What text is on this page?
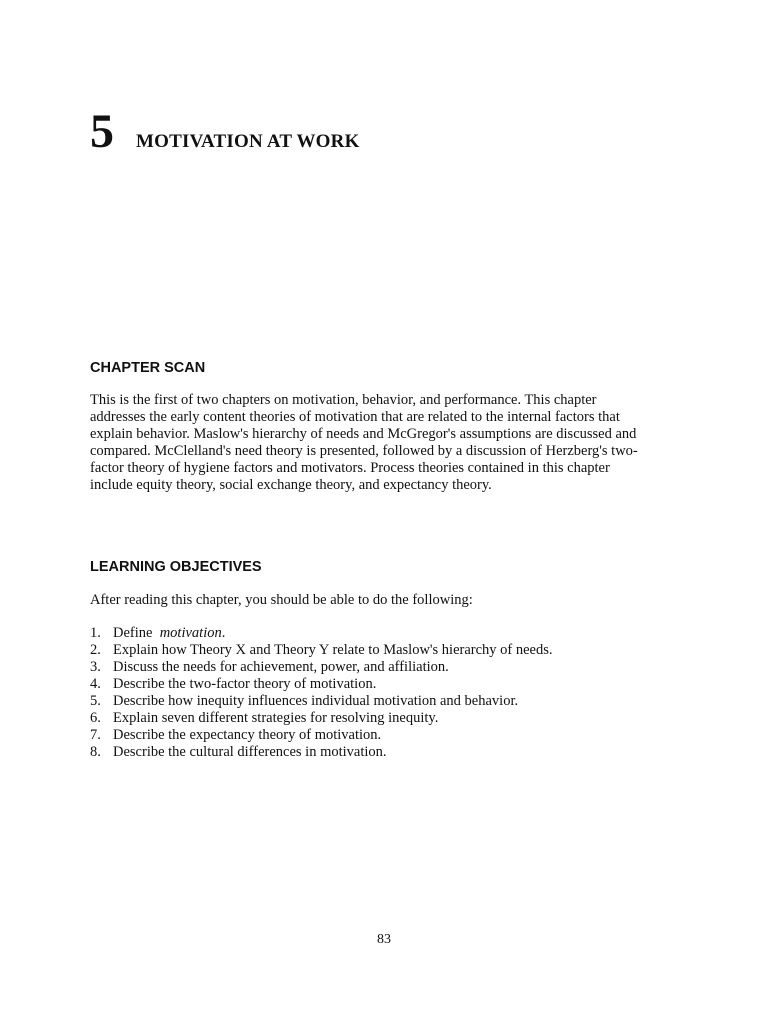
5 MOTIVATION AT WORK
CHAPTER SCAN

This is the first of two chapters on motivation, behavior, and performance. This chapter
addresses the early content theories of motivation that are related to the internal factors that
explain behavior. Maslow's hierarchy of needs and McGregor's assumptions are discussed and
compared. McClelland's need theory is presented, followed by a discussion of Herzberg's two-
factor theory of hygiene factors and motivators. Process theories contained in this chapter
include equity theory, social exchange theory, and expectancy theory.

LEARNING OBJECTIVES

After reading this chapter, you should be able to do the following:

1. Define  motivation.
2. Explain how Theory X and Theory Y relate to Maslow's hierarchy of needs.
3. Discuss the needs for achievement, power, and affiliation.
4. Describe the two-factor theory of motivation.
5. Describe how inequity influences individual motivation and behavior.
6. Explain seven different strategies for resolving inequity.
7. Describe the expectancy theory of motivation.
8. Describe the cultural differences in motivation.

83
